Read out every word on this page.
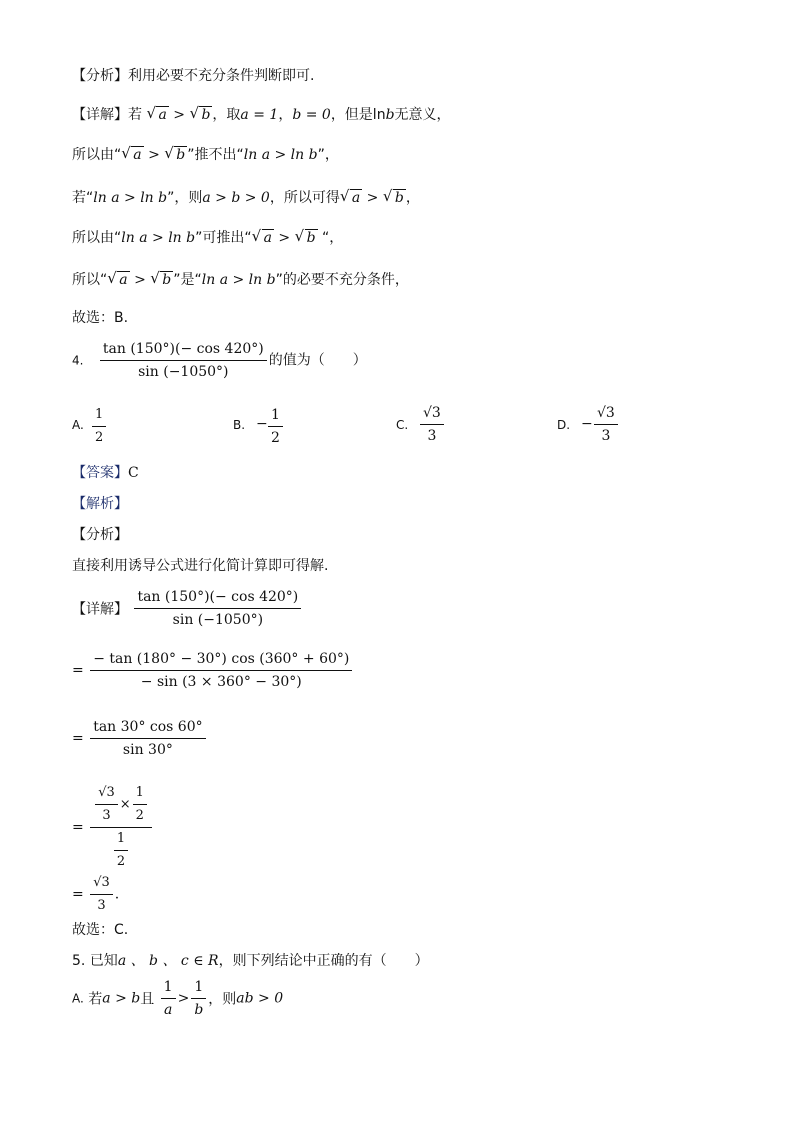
【分析】利用必要不充分条件判断即可.
【详解】若 √ a > √ b ，取a = 1，b = 0，但是lnb无意义，
所以由“ √ a > √ b ”推不出“ln a > ln b”，
若“ln a > ln b”，则a > b > 0，所以可得 √ a > √ b ，
所以由“ln a > ln b”可推出“ √ a > √ b “，
所以“ √ a > √ b ”是“ln a > ln b”的必要不充分条件，
故选：B.
4. $\frac{\tan (150^\circ)(- \cos 420^\circ)}{\sin (-1050^\circ)}$ 的值为（　　）
A. $\frac{1}{2}$	B. − $\frac{1}{2}$	C. $\frac{√3}{3}$	D. − $\frac{√3}{3}$
【答案】C
【解析】
【分析】
直接利用诱导公式进行化简计算即可得解.
【详解】 $\frac{\tan (150^\circ)(- \cos 420^\circ)}{\sin (-1050^\circ)}$
= $\frac{- \tan (180^\circ - 30^\circ) \cos (360^\circ + 60^\circ)}{- \sin (3 \times 360^\circ - 30^\circ)}$
= $\frac{\tan 30^\circ \cos 60^\circ}{\sin 30^\circ}$
= $\frac{\frac{√3}{3} \times \frac{1}{2}}{\frac{1}{2}}$
= $\frac{√3}{3}$ .
故选：C.
5. 已知a 、 b 、 c ∈ R，则下列结论中正确的有（　　）
A. 若a > b且 $\frac{1}{a} > \frac{1}{b}$ ，则ab > 0
